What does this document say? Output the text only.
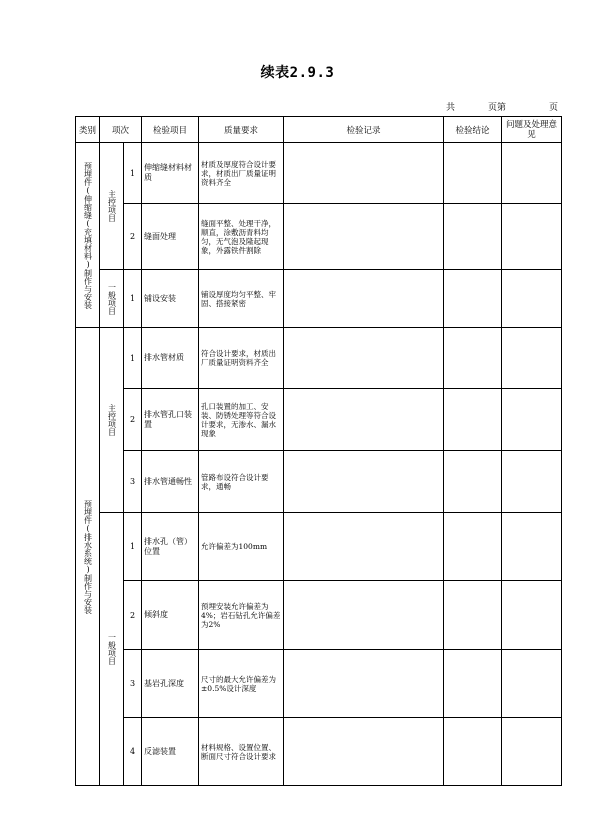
续表2.9.3
共	页第	页
类别	项次		检验项目	质量要求	检验记录	检验结论	问题及处理意见

预埋件(伸缩缝(充填材料)制作与安装	主控项目	1	伸缩缝材料材质	材质及厚度符合设计要求，材质出厂质量证明资料齐全			
		2	缝面处理	缝面平整、处理干净，顺直，涂敷沥青料均匀，无气泡及隆起现象，外露铁件割除			

	一般项目	1	铺设安装	铺设厚度均匀平整、牢固、搭接紧密			

预埋件(排水系统)制作与安装	主控项目	1	排水管材质	符合设计要求，材质出厂质量证明资料齐全			
		2	排水管孔口装置	孔口装置的加工、安装、防锈处理等符合设计要求，无渗水、漏水现象			
		3	排水管通畅性	管路布设符合设计要求，通畅			

	一般项目	1	排水孔（管）位置	允许偏差为100mm			
		2	倾斜度	预埋安装允许偏差为4%；岩石钻孔允许偏差为2%			
		3	基岩孔深度	尺寸的最大允许偏差为±0.5%设计深度			
		4	反滤装置	材料规格、设置位置、断面尺寸符合设计要求			
